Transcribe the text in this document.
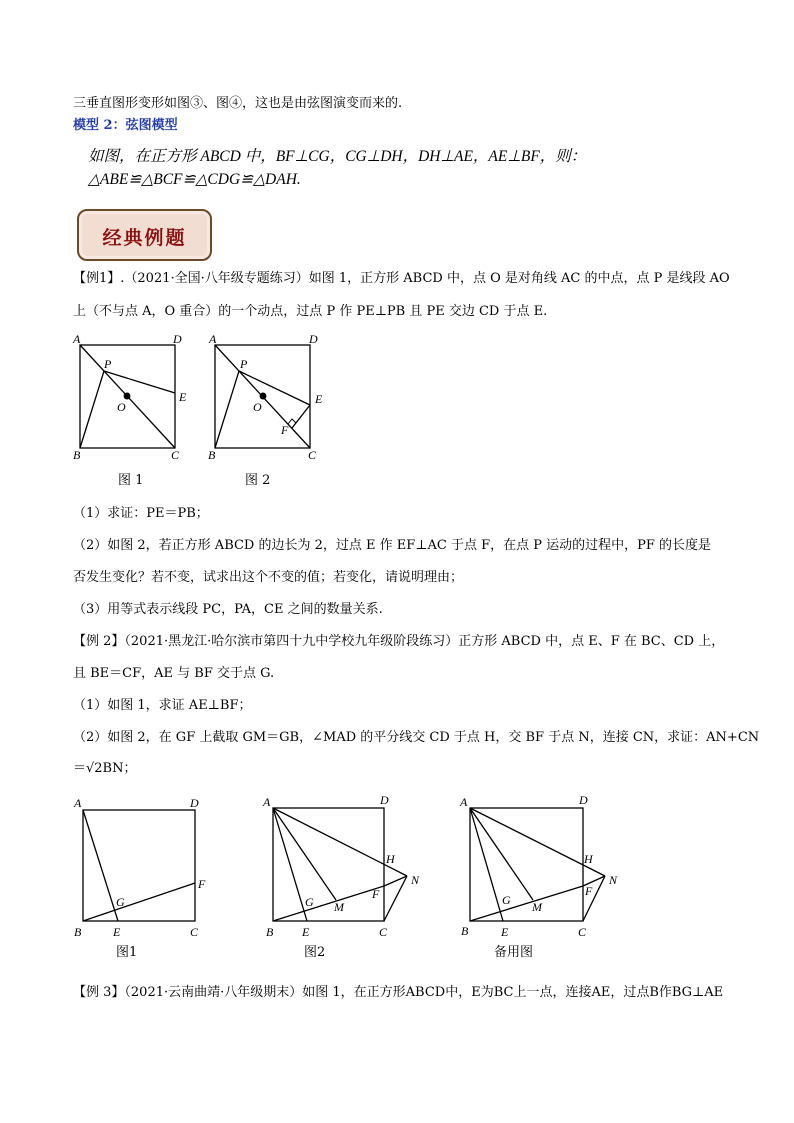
三垂直图形变形如图③、图④，这也是由弦图演变而来的.
模型 2：弦图模型
如图，在正方形 ABCD 中，BF⊥CG，CG⊥DH，DH⊥AE，AE⊥BF，则：
△ABE≌△BCF≌△CDG≌△DAH.
经典例题
【例1】.（2021·全国·八年级专题练习）如图 1，正方形 ABCD 中，点 O 是对角线 AC 的中点，点 P 是线段 AO
上（不与点 A，O 重合）的一个动点，过点 P 作 PE⊥PB 且 PE 交边 CD 于点 E.
A	D
P
O
E
B	C
A	D
P
O
E
F
B	C
图 1	图 2
（1）求证：PE＝PB；
（2）如图 2，若正方形 ABCD 的边长为 2，过点 E 作 EF⊥AC 于点 F，在点 P 运动的过程中，PF 的长度是
否发生变化？若不变，试求出这个不变的值；若变化，请说明理由；
（3）用等式表示线段 PC，PA，CE 之间的数量关系.
【例 2】（2021·黑龙江·哈尔滨市第四十九中学校九年级阶段练习）正方形 ABCD 中，点 E、F 在 BC、CD 上，
且 BE＝CF，AE 与 BF 交于点 G.
（1）如图 1，求证 AE⊥BF；
（2）如图 2，在 GF 上截取 GM＝GB，∠MAD 的平分线交 CD 于点 H，交 BF 于点 N，连接 CN，求证：AN+CN
＝√2BN；
A	D
F
G
B	E	C
A	D
H
N
F
G M
B E	C
A	D
H
N
F
G M
B	E	C
图1	图2	备用图
【例 3】（2021·云南曲靖·八年级期末）如图 1，在正方形ABCD中，E为BC上一点，连接AE，过点B作BG⊥AE
